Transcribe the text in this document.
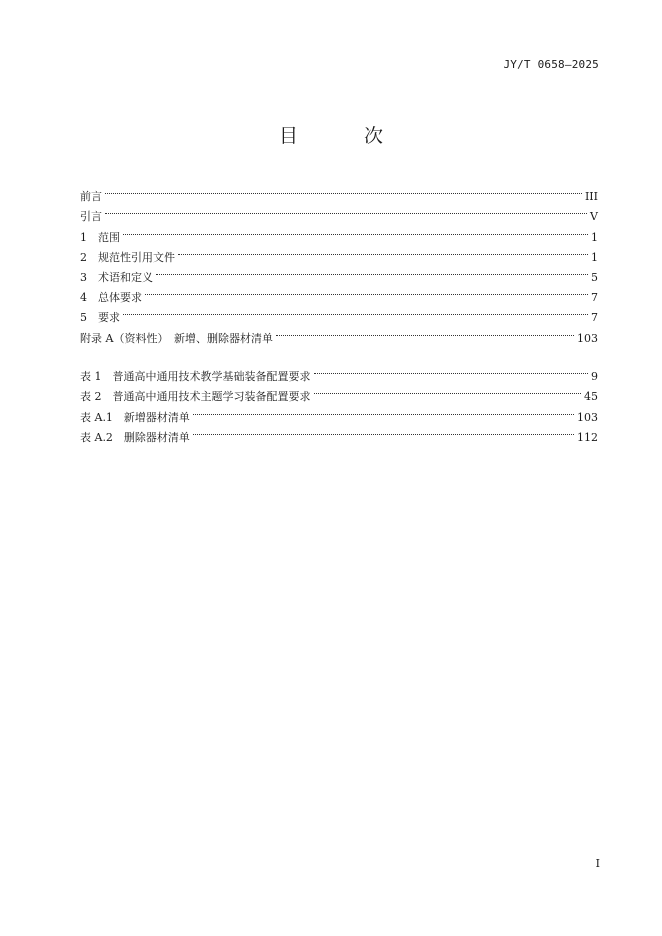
JY/T 0658—2025
目 次
前言	III
引言	V
1　范围	1
2　规范性引用文件	1
3　术语和定义	5
4　总体要求	7
5　要求	7
附录 A（资料性）　新增、删除器材清单	103
表 1　普通高中通用技术教学基础装备配置要求	9
表 2　普通高中通用技术主题学习装备配置要求	45
表 A.1　新增器材清单	103
表 A.2　删除器材清单	112
I
